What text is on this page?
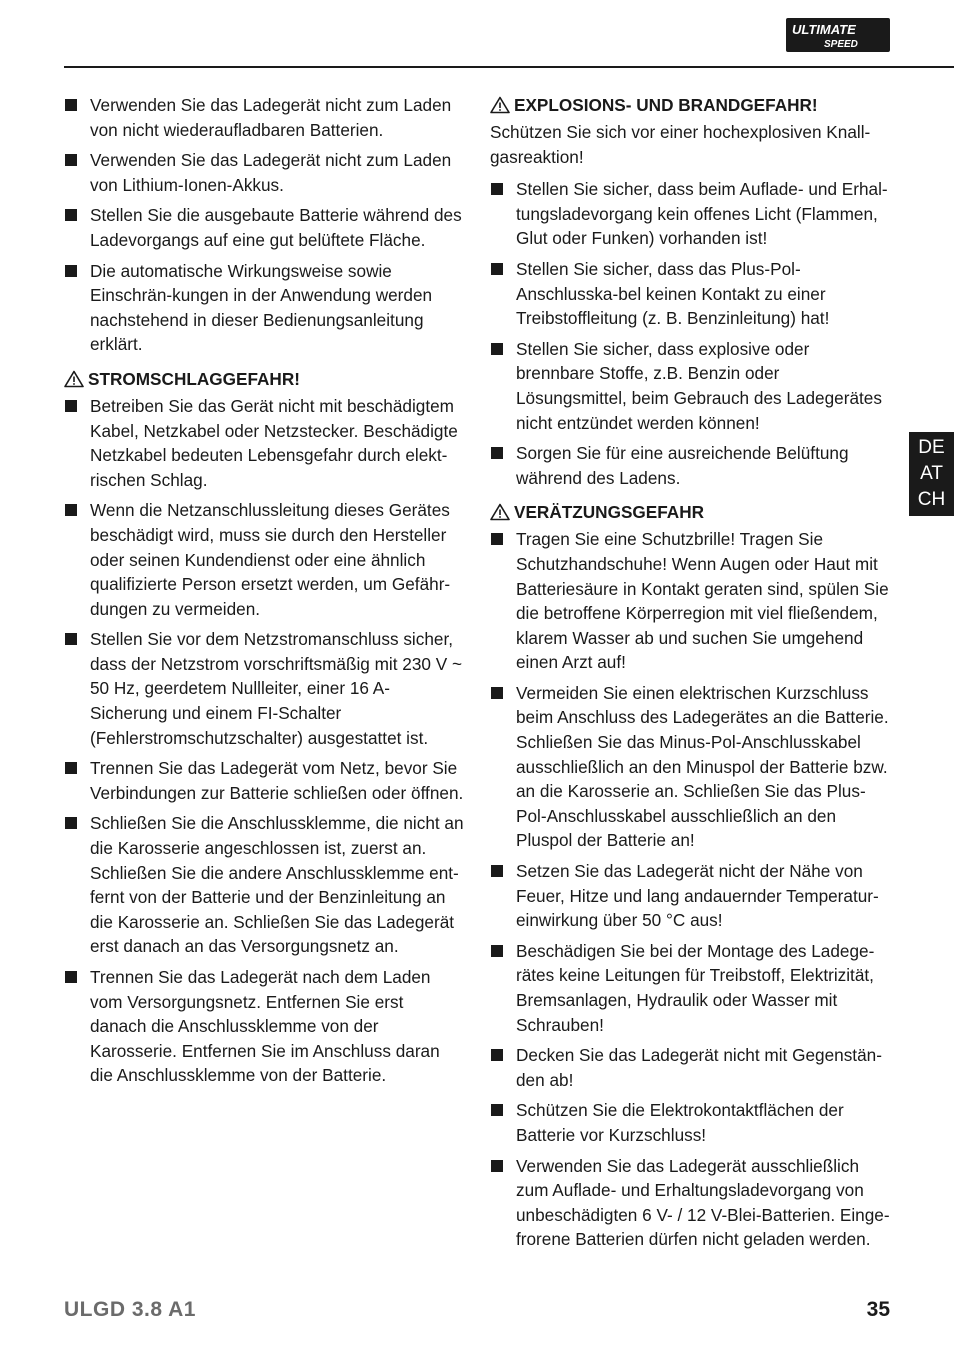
ULTIMATE
SPEED
Verwenden Sie das Ladegerät nicht zum Laden von nicht wiederaufladbaren Batterien.
Verwenden Sie das Ladegerät nicht zum Laden von Lithium-Ionen-Akkus.
Stellen Sie die ausgebaute Batterie während des Ladevorgangs auf eine gut belüftete Fläche.
Die automatische Wirkungsweise sowie Einschrän-kungen in der Anwendung werden nachstehend in dieser Bedienungsanleitung erklärt.
STROMSCHLAGGEFAHR!
Betreiben Sie das Gerät nicht mit beschädigtem Kabel, Netzkabel oder Netzstecker. Beschädigte Netzkabel bedeuten Lebensgefahr durch elekt-rischen Schlag.
Wenn die Netzanschlussleitung dieses Gerätes beschädigt wird, muss sie durch den Hersteller oder seinen Kundendienst oder eine ähnlich qualifizierte Person ersetzt werden, um Gefähr-dungen zu vermeiden.
Stellen Sie vor dem Netzstromanschluss sicher, dass der Netzstrom vorschriftsmäßig mit 230 V ~ 50 Hz, geerdetem Nullleiter, einer 16 A-Sicherung und einem FI-Schalter (Fehlerstromschutzschalter) ausgestattet ist.
Trennen Sie das Ladegerät vom Netz, bevor Sie Verbindungen zur Batterie schließen oder öffnen.
Schließen Sie die Anschlussklemme, die nicht an die Karosserie angeschlossen ist, zuerst an. Schließen Sie die andere Anschlussklemme ent-fernt von der Batterie und der Benzinleitung an die Karosserie an. Schließen Sie das Ladegerät erst danach an das Versorgungsnetz an.
Trennen Sie das Ladegerät nach dem Laden vom Versorgungsnetz. Entfernen Sie erst danach die Anschlussklemme von der Karosserie. Entfernen Sie im Anschluss daran die Anschlussklemme von der Batterie.
EXPLOSIONS- UND BRANDGEFAHR!

Schützen Sie sich vor einer hochexplosiven Knall-gasreaktion!

Stellen Sie sicher, dass beim Auflade- und Erhal-tungsladevorgang kein offenes Licht (Flammen, Glut oder Funken) vorhanden ist!
Stellen Sie sicher, dass das Plus-Pol-Anschlusska-bel keinen Kontakt zu einer Treibstoffleitung (z. B. Benzinleitung) hat!
Stellen Sie sicher, dass explosive oder brennbare Stoffe, z.B. Benzin oder Lösungsmittel, beim Gebrauch des Ladegerätes nicht entzündet werden können!
Sorgen Sie für eine ausreichende Belüftung während des Ladens.
VERÄTZUNGSGEFAHR
Tragen Sie eine Schutzbrille! Tragen Sie Schutzhandschuhe! Wenn Augen oder Haut mit Batteriesäure in Kontakt geraten sind, spülen Sie die betroffene Körperregion mit viel fließendem, klarem Wasser ab und suchen Sie umgehend einen Arzt auf!
Vermeiden Sie einen elektrischen Kurzschluss beim Anschluss des Ladegerätes an die Batterie. Schließen Sie das Minus-Pol-Anschlusskabel ausschließlich an den Minuspol der Batterie bzw. an die Karosserie an. Schließen Sie das Plus-Pol-Anschlusskabel ausschließlich an den Pluspol der Batterie an!
Setzen Sie das Ladegerät nicht der Nähe von Feuer, Hitze und lang andauernder Temperatur-einwirkung über 50 °C aus!
Beschädigen Sie bei der Montage des Ladege-rätes keine Leitungen für Treibstoff, Elektrizität, Bremsanlagen, Hydraulik oder Wasser mit Schrauben!
Decken Sie das Ladegerät nicht mit Gegenstän-den ab!
Schützen Sie die Elektrokontaktflächen der Batterie vor Kurzschluss!
Verwenden Sie das Ladegerät ausschließlich zum Auflade- und Erhaltungsladevorgang von unbeschädigten 6 V- / 12 V-Blei-Batterien. Einge-frorene Batterien dürfen nicht geladen werden.
DE
AT
CH
ULGD 3.8 A1	35
